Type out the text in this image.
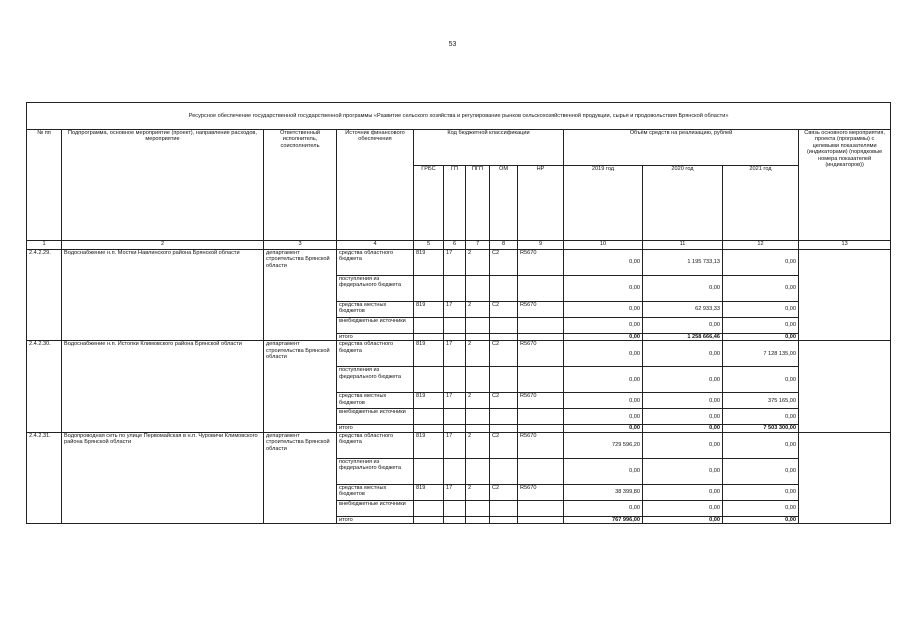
53
Ресурсное обеспечение государственной государственной программы «Развитие сельского хозяйства и регулирование рынков сельскохозяйственной продукции, сырья и продовольствия Брянской области»												
№ пп	Подпрограмма, основное мероприятие (проект), направление расходов, мероприятие	Ответственный исполнитель, соисполнитель	Источник финансового обеспечения	Код бюджетной классификации					Объём средств на реализацию, рублей			Связь основного мероприятия, проекта (программы) с целевыми показателями (индикаторами) (порядковые номера показателей (индикаторов))
				ГРБС	ГП	ПГП	ОМ	НР	2019 год	2020 год	2021 год	
1	2	3	4	5	6	7	8	9	10	11	12	13
2.4.2.29.	Водоснабжение н.п. Мостки Навлинского района Брянской области	департамент строительства Брянской области	средства областного бюджета	819	17	2	C2	R5670	0,00	1 195 733,13	0,00	
			поступления из федерального бюджета						0,00	0,00	0,00	
			средства местных бюджетов	819	17	2	C2	R5670	0,00	62 933,33	0,00	
			внебюджетные источники						0,00	0,00	0,00	
			итого						0,00	1 258 666,46	0,00	
2.4.2.30.	Водоснабжение н.п. Истопки Климовского района Брянской области	департамент строительства Брянской области	средства областного бюджета	819	17	2	C2	R5670	0,00	0,00	7 128 135,00	
			поступления из федерального бюджета						0,00	0,00	0,00	
			средства местных бюджетов	819	17	2	C2	R5670	0,00	0,00	375 165,00	
			внебюджетные источники						0,00	0,00	0,00	
			итого						0,00	0,00	7 503 300,00	
2.4.2.31.	Водопроводная сеть по улице Первомайская в н.п. Чуровичи Климовского района Брянской области	департамент строительства Брянской области	средства областного бюджета	819	17	2	C2	R5670	729 596,20	0,00	0,00	
			поступления из федерального бюджета						0,00	0,00	0,00	
			средства местных бюджетов	819	17	2	C2	R5670	38 399,80	0,00	0,00	
			внебюджетные источники						0,00	0,00	0,00	
			итого						767 996,00	0,00	0,00	
